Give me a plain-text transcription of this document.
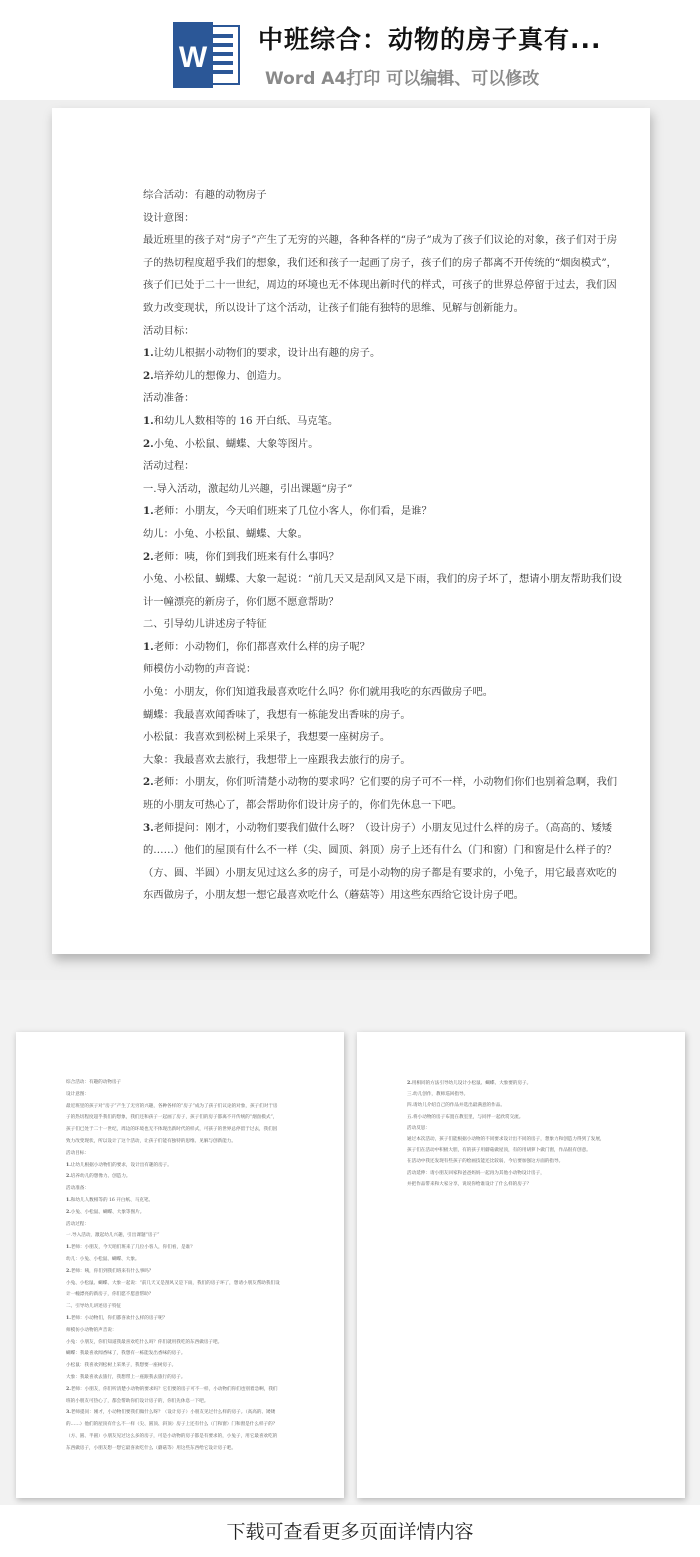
W
中班综合：动物的房子真有...
Word A4打印 可以编辑、可以修改
综合活动：有趣的动物房子
设计意图：
最近班里的孩子对“房子”产生了无穷的兴趣，各种各样的“房子”成为了孩子们议论的对象，孩子们对于房
子的热切程度超乎我们的想象，我们还和孩子一起画了房子，孩子们的房子都离不开传统的“烟囱模式”，
孩子们已处于二十一世纪，周边的环境也无不体现出新时代的样式，可孩子的世界总停留于过去，我们因
致力改变现状，所以设计了这个活动，让孩子们能有独特的思维、见解与创新能力。
活动目标：
1.让幼儿根据小动物们的要求，设计出有趣的房子。
2.培养幼儿的想像力、创造力。
活动准备：
1.和幼儿人数相等的 16 开白纸、马克笔。
2.小兔、小松鼠、蝴蝶、大象等图片。
活动过程：
一.导入活动，激起幼儿兴趣，引出课题“房子”
1.老师：小朋友，今天咱们班来了几位小客人，你们看，是谁？
幼儿：小兔、小松鼠、蝴蝶、大象。
2.老师：咦，你们到我们班来有什么事吗？
小兔、小松鼠、蝴蝶、大象一起说：“前几天又是刮风又是下雨，我们的房子坏了，想请小朋友帮助我们设
计一幢漂亮的新房子，你们愿不愿意帮助？
二、引导幼儿讲述房子特征
1.老师：小动物们，你们都喜欢什么样的房子呢？
师模仿小动物的声音说：
小兔：小朋友，你们知道我最喜欢吃什么吗？你们就用我吃的东西做房子吧。
蝴蝶：我最喜欢闻香味了，我想有一栋能发出香味的房子。
小松鼠：我喜欢到松树上采果子，我想要一座树房子。
大象：我最喜欢去旅行，我想带上一座跟我去旅行的房子。
2.老师：小朋友，你们听清楚小动物的要求吗？它们要的房子可不一样，小动物们你们也别着急啊，我们
班的小朋友可热心了，都会帮助你们设计房子的，你们先休息一下吧。
3.老师提问：刚才，小动物们要我们做什么呀？（设计房子）小朋友见过什么样的房子。（高高的、矮矮
的……）他们的屋顶有什么不一样（尖、圆顶、斜顶）房子上还有什么（门和窗）门和窗是什么样子的？
（方、圆、半圆）小朋友见过这么多的房子，可是小动物的房子都是有要求的，小兔子，用它最喜欢吃的
东西做房子，小朋友想一想它最喜欢吃什么（蘑菇等）用这些东西给它设计房子吧。
综合活动：有趣的动物房子
设计意图：
最近班里的孩子对“房子”产生了无穷的兴趣，各种各样的“房子”成为了孩子们议论的对象，孩子们对于房
子的热切程度超乎我们的想象，我们还和孩子一起画了房子，孩子们的房子都离不开传统的“烟囱模式”，
孩子们已处于二十一世纪，周边的环境也无不体现出新时代的样式，可孩子的世界总停留于过去，我们因
致力改变现状，所以设计了这个活动，让孩子们能有独特的思维、见解与创新能力。
活动目标：
1.让幼儿根据小动物们的要求，设计出有趣的房子。
2.培养幼儿的想像力、创造力。
活动准备：
1.和幼儿人数相等的 16 开白纸、马克笔。
2.小兔、小松鼠、蝴蝶、大象等图片。
活动过程：
一.导入活动，激起幼儿兴趣，引出课题“房子”
1.老师：小朋友，今天咱们班来了几位小客人，你们看，是谁？
幼儿：小兔、小松鼠、蝴蝶、大象。
2.老师：咦，你们到我们班来有什么事吗？
小兔、小松鼠、蝴蝶、大象一起说：“前几天又是刮风又是下雨，我们的房子坏了，想请小朋友帮助我们设
计一幢漂亮的新房子，你们愿不愿意帮助？
二、引导幼儿讲述房子特征
1.老师：小动物们，你们都喜欢什么样的房子呢？
师模仿小动物的声音说：
小兔：小朋友，你们知道我最喜欢吃什么吗？你们就用我吃的东西做房子吧。
蝴蝶：我最喜欢闻香味了，我想有一栋能发出香味的房子。
小松鼠：我喜欢到松树上采果子，我想要一座树房子。
大象：我最喜欢去旅行，我想带上一座跟我去旅行的房子。
2.老师：小朋友，你们听清楚小动物的要求吗？它们要的房子可不一样，小动物们你们也别着急啊，我们
班的小朋友可热心了，都会帮助你们设计房子的，你们先休息一下吧。
3.老师提问：刚才，小动物们要我们做什么呀？（设计房子）小朋友见过什么样的房子。（高高的、矮矮
的……）他们的屋顶有什么不一样（尖、圆顶、斜顶）房子上还有什么（门和窗）门和窗是什么样子的？
（方、圆、半圆）小朋友见过这么多的房子，可是小动物的房子都是有要求的，小兔子，用它最喜欢吃的
东西做房子，小朋友想一想它最喜欢吃什么（蘑菇等）用这些东西给它设计房子吧。
2.用相同的方法引导幼儿设计小松鼠、蝴蝶、大象要的房子。
三.幼儿创作，教师巡回指导。
四.请幼儿介绍自己的作品并选出最满意的作品。
五.将小动物的房子布置在教室里，与同伴一起欣赏交流。
活动反思：
通过本次活动，孩子们能根据小动物的不同要求设计出不同的房子，想象力和创造力得到了发展，
孩子们在活动中积极大胆，有的孩子用蘑菇做屋顶，有的用胡萝卜做门窗，作品很有创意。
在活动中我还发现有些孩子的绘画技能还比较弱，今后要加强这方面的指导。
活动延伸：请小朋友回家和爸爸妈妈一起再为其他小动物设计房子，
并把作品带来和大家分享，说说你给谁设计了什么样的房子？
下载可查看更多页面详情内容
